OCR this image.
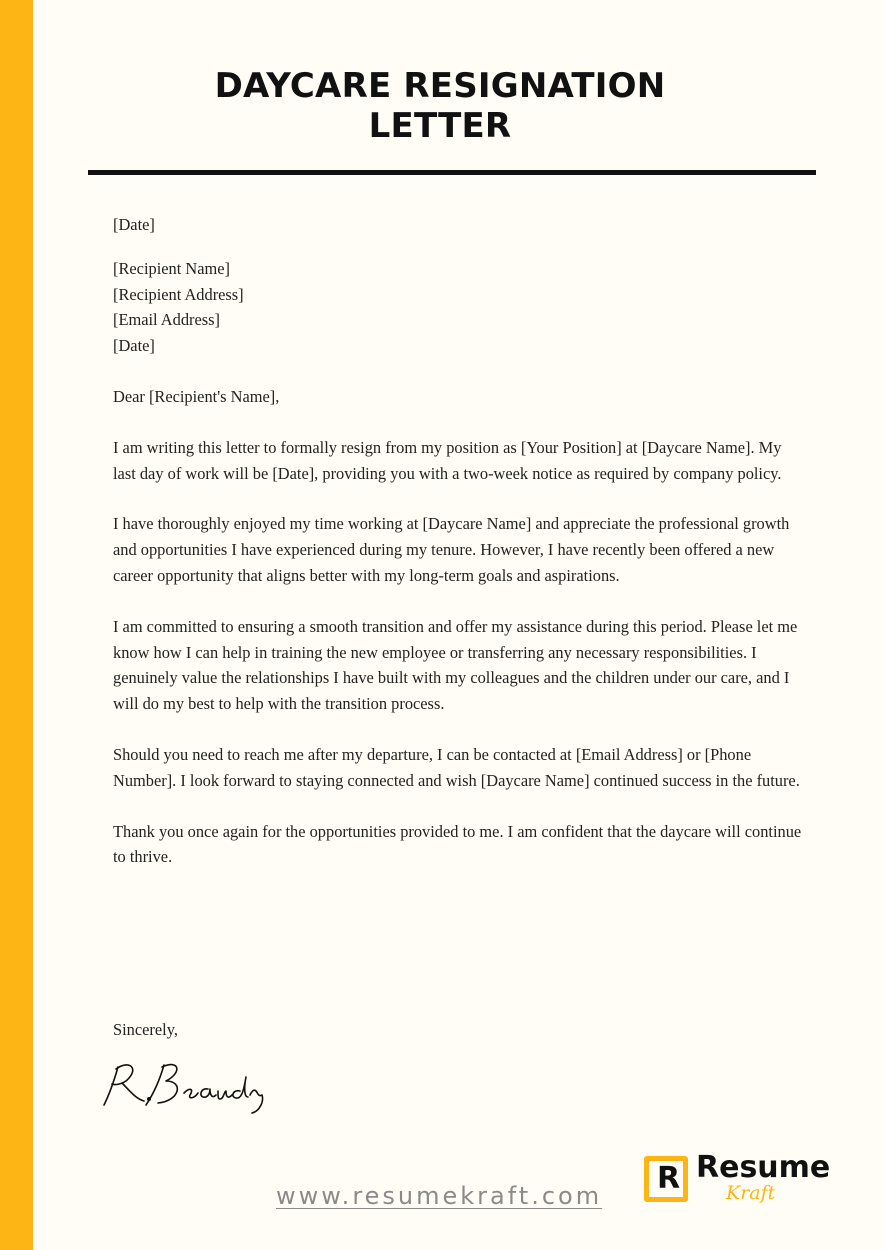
DAYCARE RESIGNATION LETTER

[Date]

[Recipient Name]

[Recipient Address]

[Email Address]

[Date]

Dear [Recipient's Name],

I am writing this letter to formally resign from my position as [Your Position] at [Daycare Name]. My last day of work will be [Date], providing you with a two-week notice as required by company policy.

I have thoroughly enjoyed my time working at [Daycare Name] and appreciate the professional growth and opportunities I have experienced during my tenure. However, I have recently been offered a new career opportunity that aligns better with my long-term goals and aspirations.

I am committed to ensuring a smooth transition and offer my assistance during this period. Please let me know how I can help in training the new employee or transferring any necessary responsibilities. I genuinely value the relationships I have built with my colleagues and the children under our care, and I will do my best to help with the transition process.

Should you need to reach me after my departure, I can be contacted at [Email Address] or [Phone Number]. I look forward to staying connected and wish [Daycare Name] continued success in the future.

Thank you once again for the opportunities provided to me. I am confident that the daycare will continue to thrive.

Sincerely,
www.resumekraft.com R Resume
Kraft
